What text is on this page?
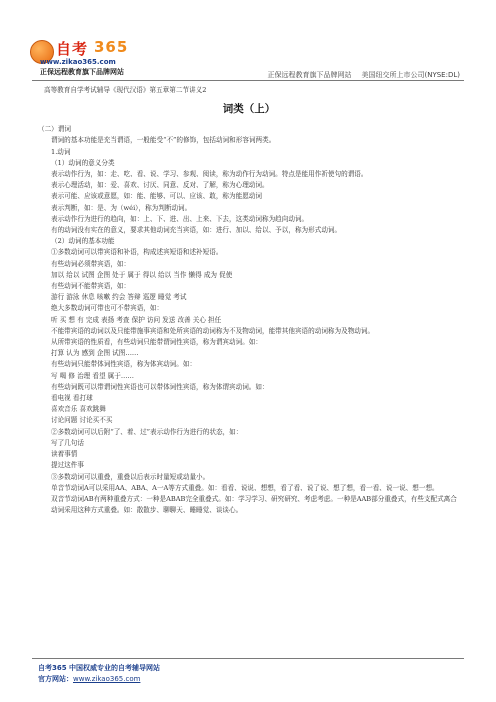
自考 365
www.zikao365.com
正保远程教育旗下品牌网站	正保远程教育旗下品牌网站 美国纽交所上市公司(NYSE:DL)
高等教育自学考试辅导《现代汉语》第五章第二节讲义2
词类（上）
（二）谓词
谓词的基本功能是充当谓语，一般能受“不”的修饰，包括动词和形容词两类。
1.动词
（1）动词的意义分类
表示动作行为，如：走、吃、看、说、学习、参观、阅读，称为动作行为动词。特点是能用作祈使句的谓语。
表示心理活动，如：爱、喜欢、讨厌、同意、反对、了解，称为心理动词。
表示可能、应该或意愿，如：能、能够、可以、应该、敢，称为能愿动词
表示判断，如：是、为（wéi），称为判断动词。
表示动作行为进行的趋向，如：上、下、进、出、上来、下去，这类动词称为趋向动词。
有的动词没有实在的意义，要求其他动词充当宾语，如：进行、加以、给以、予以，称为形式动词。
（2）动词的基本功能
①多数动词可以带宾语和补语，构成述宾短语和述补短语。
有些动词必须带宾语，如：
加以 给以 试图 企图 处于 属于 得以 给以 当作 懒得 成为 促使
有些动词不能带宾语，如：
游行 游泳 休息 咳嗽 约会 答辩 巡逻 睡觉 考试
绝大多数动词可带也可不带宾语，如：
听 买 想 有 完成 表扬 考查 保护 访问 发送 改善 关心 担任
不能带宾语的动词以及只能带施事宾语和处所宾语的动词称为不及物动词，能带其他宾语的动词称为及物动词。
从所带宾语的性质看，有些动词只能带谓词性宾语，称为谓宾动词。如：
打算 认为 感到 企图 试图……
有些动词只能带体词性宾语，称为体宾动词。如：
写 喝 修 治理 看望 属于……
有些动词既可以带谓词性宾语也可以带体词性宾语，称为体谓宾动词。如：
看电视 看打球
喜欢音乐 喜欢跳舞
讨论问题 讨论买不买
②多数动词可以后附“了、着、过”表示动作行为进行的状态，如：
写了几句话
读着事情
提过这件事
③多数动词可以重叠，重叠以后表示时量短或动量小。
单音节动词A可以采用AA、ABA、A一A等方式重叠。如：看看、说说、想想，看了看、说了说、想了想，看一看、说一说、想一想。
双音节动词AB有两种重叠方式：一种是ABAB完全重叠式。如：学习学习、研究研究、考虑考虑。一种是AAB部分重叠式，有些支配式离合动词采用这种方式重叠。如：散散步、聊聊天、睡睡觉、谈谈心。
自考365 中国权威专业的自考辅导网站
官方网站：www.zikao365.com
